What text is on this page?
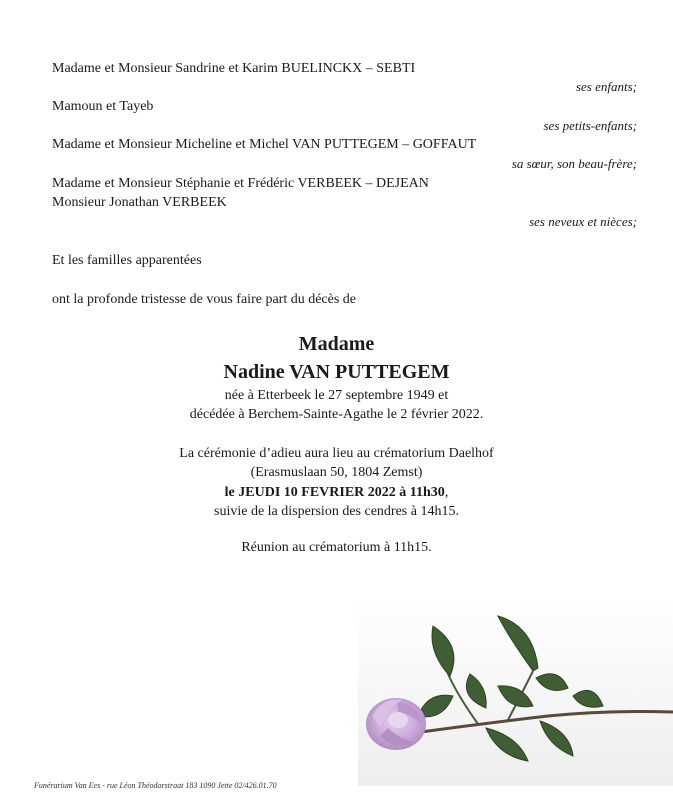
Madame et Monsieur Sandrine et Karim BUELINCKX – SEBTI
ses enfants;
Mamoun et Tayeb
ses petits-enfants;
Madame et Monsieur Micheline et Michel VAN PUTTEGEM – GOFFAUT
sa sœur, son beau-frère;
Madame et Monsieur Stéphanie et Frédéric VERBEEK – DEJEAN
Monsieur Jonathan VERBEEK
ses neveux et nièces;
Et les familles apparentées
ont la profonde tristesse de vous faire part du décès de
Madame
Nadine VAN PUTTEGEM
née à Etterbeek le 27 septembre 1949 et
décédée à Berchem-Sainte-Agathe le 2 février 2022.
La cérémonie d’adieu aura lieu au crématorium Daelhof
(Erasmuslaan 50, 1804 Zemst)
le JEUDI 10 FEVRIER 2022 à 11h30,
suivie de la dispersion des cendres à 14h15.
Réunion au crématorium à 11h15.
Funérarium Van Ees - rue Léon Théodorstraat 183 1090 Jette 02/426.01.70
